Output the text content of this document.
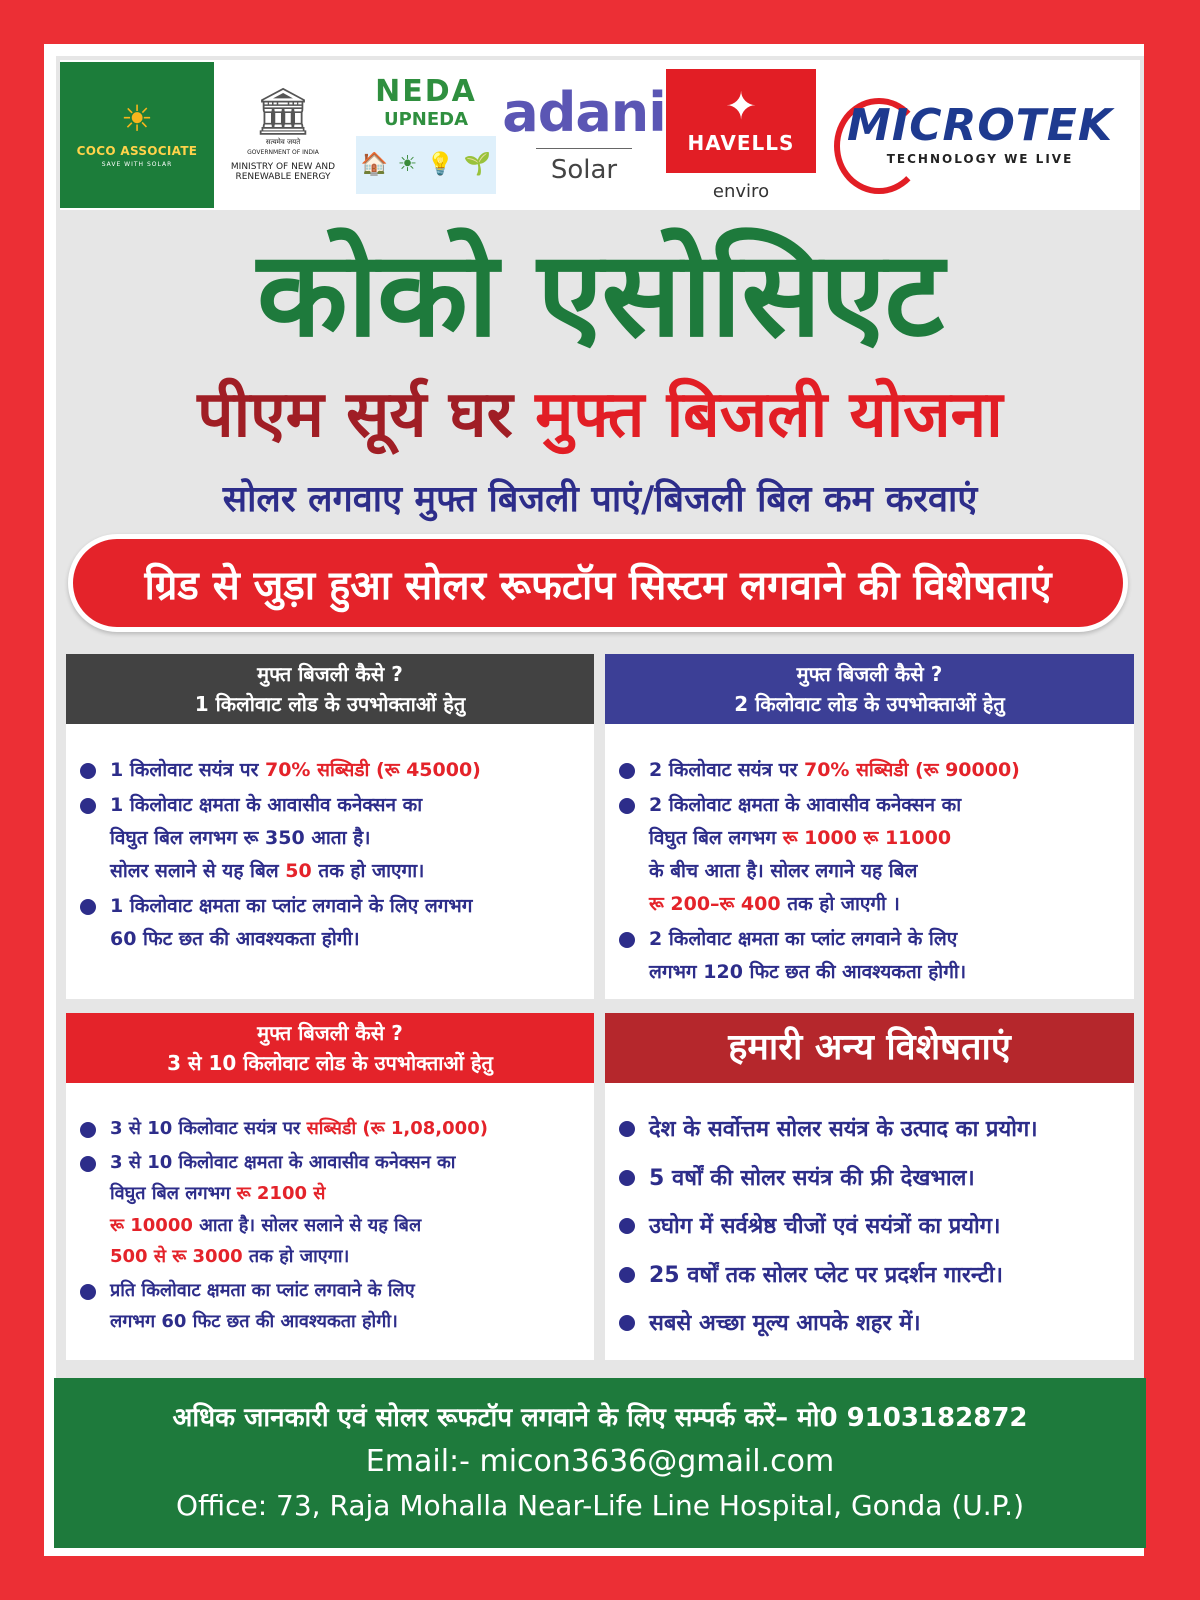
☀
COCO ASSOCIATE
SAVE WITH SOLAR
🏛
सत्यमेव जयते
GOVERNMENT OF INDIA
MINISTRY OF NEW AND
RENEWABLE ENERGY
NEDA
UPNEDA
🏠 ☀ 💡 🌱
adani
Solar
✦
HAVELLS
enviro
MICROTEK
TECHNOLOGY WE LIVE
कोको एसोसिएट
पीएम सूर्य घर मुफ्त बिजली योजना
सोलर लगवाए मुफ्त बिजली पाएं/बिजली बिल कम करवाएं
ग्रिड से जुड़ा हुआ सोलर रूफटॉप सिस्टम लगवाने की विशेषताएं
मुफ्त बिजली कैसे ?
1 किलोवाट लोड के उपभोक्ताओं हेतु
1 किलोवाट सयंत्र पर 70% सब्सिडी (रू 45000)
1 किलोवाट क्षमता के आवासीव कनेक्सन का
विघुत बिल लगभग रू 350 आता है।
सोलर सलाने से यह बिल 50 तक हो जाएगा।
1 किलोवाट क्षमता का प्लांट लगवाने के लिए लगभग
60 फिट छत की आवश्यकता होगी।
मुफ्त बिजली कैसे ?
2 किलोवाट लोड के उपभोक्ताओं हेतु
2 किलोवाट सयंत्र पर 70% सब्सिडी (रू 90000)
2 किलोवाट क्षमता के आवासीव कनेक्सन का
विघुत बिल लगभग रू 1000 रू 11000
के बीच आता है। सोलर लगाने यह बिल
रू 200–रू 400 तक हो जाएगी ।
2 किलोवाट क्षमता का प्लांट लगवाने के लिए
लगभग 120 फिट छत की आवश्यकता होगी।
मुफ्त बिजली कैसे ?
3 से 10 किलोवाट लोड के उपभोक्ताओं हेतु
3 से 10 किलोवाट सयंत्र पर सब्सिडी (रू 1,08,000)
3 से 10 किलोवाट क्षमता के आवासीव कनेक्सन का
विघुत बिल लगभग रू 2100 से
रू 10000 आता है। सोलर सलाने से यह बिल
500 से रू 3000 तक हो जाएगा।
प्रति किलोवाट क्षमता का प्लांट लगवाने के लिए
लगभग 60 फिट छत की आवश्यकता होगी।
हमारी अन्य विशेषताएं
देश के सर्वोत्तम सोलर सयंत्र के उत्पाद का प्रयोग।
5 वर्षों की सोलर सयंत्र की फ्री देखभाल।
उघोग में सर्वश्रेष्ठ चीजों एवं सयंत्रों का प्रयोग।
25 वर्षों तक सोलर प्लेट पर प्रदर्शन गारन्टी।
सबसे अच्छा मूल्य आपके शहर में।
अधिक जानकारी एवं सोलर रूफटॉप लगवाने के लिए सम्पर्क करें– मो0 9103182872
Email:- micon3636@gmail.com
Office: 73, Raja Mohalla Near-Life Line Hospital, Gonda (U.P.)
